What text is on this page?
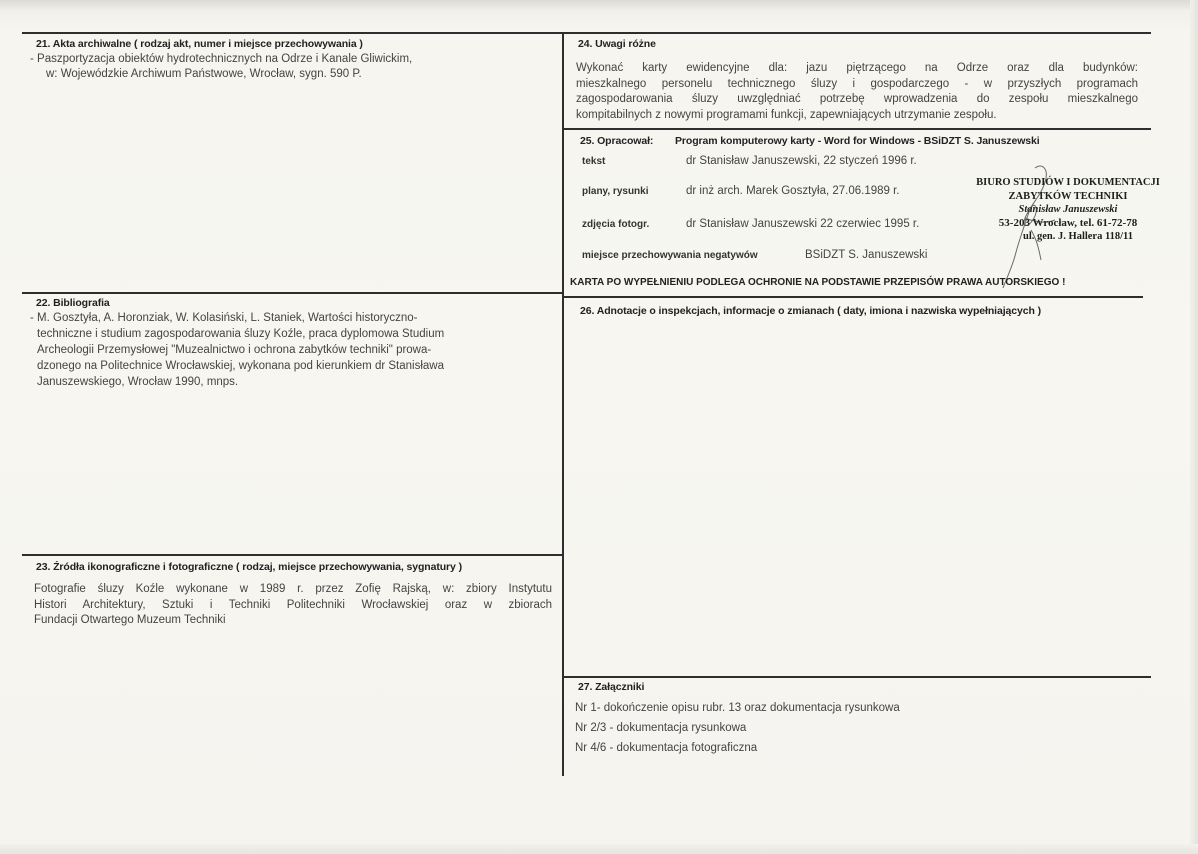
21. Akta archiwalne ( rodzaj akt, numer i miejsce przechowywania )
- Paszportyzacja obiektów hydrotechnicznych na Odrze i Kanale Gliwickim,
w: Wojewódzkie Archiwum Państwowe, Wrocław, sygn. 590 P.
22. Bibliografia
- M. Gosztyła, A. Horonziak, W. Kolasiński, L. Staniek, Wartości historyczno-
techniczne i studium zagospodarowania śluzy Koźle, praca dyplomowa Studium
Archeologii Przemysłowej "Muzealnictwo i ochrona zabytków techniki" prowa-
dzonego na Politechnice Wrocławskiej, wykonana pod kierunkiem dr Stanisława
Januszewskiego, Wrocław 1990, mnps.
23. Źródła ikonograficzne i fotograficzne ( rodzaj, miejsce przechowywania, sygnatury )
Fotografie śluzy Koźle wykonane w 1989 r. przez Zofię Rajską, w: zbiory Instytutu
Histori Architektury, Sztuki i Techniki Politechniki Wrocławskiej oraz w zbiorach
Fundacji Otwartego Muzeum Techniki
24. Uwagi różne
Wykonać karty ewidencyjne dla: jazu piętrzącego na Odrze oraz dla budynków:
mieszkalnego personelu technicznego śluzy i gospodarczego - w przyszłych programach
zagospodarowania śluzy uwzględniać potrzebę wprowadzenia do zespołu mieszkalnego
kompitabilnych z nowymi programami funkcji, zapewniających utrzymanie zespołu.
25. Opracował: Program komputerowy karty - Word for Windows - BSiDZT S. Januszewski
tekst	dr Stanisław Januszewski, 22 styczeń 1996 r.
plany, rysunki	dr inż arch. Marek Gosztyła, 27.06.1989 r.
zdjęcia fotogr.	dr Stanisław Januszewski 22 czerwiec 1995 r.
miejsce przechowywania negatywów	BSiDZT S. Januszewski
KARTA PO WYPEŁNIENIU PODLEGA OCHRONIE NA PODSTAWIE PRZEPISÓW PRAWA AUTORSKIEGO !
BIURO STUDIÓW I DOKUMENTACJI
ZABYTKÓW TECHNIKI
Stanisław Januszewski
53-203 Wrocław, tel. 61-72-78
ul. gen. J. Hallera 118/11
26. Adnotacje o inspekcjach, informacje o zmianach ( daty, imiona i nazwiska wypełniających )
27. Załączniki
Nr 1- dokończenie opisu rubr. 13 oraz dokumentacja rysunkowa
Nr 2/3 - dokumentacja rysunkowa
Nr 4/6 - dokumentacja fotograficzna
